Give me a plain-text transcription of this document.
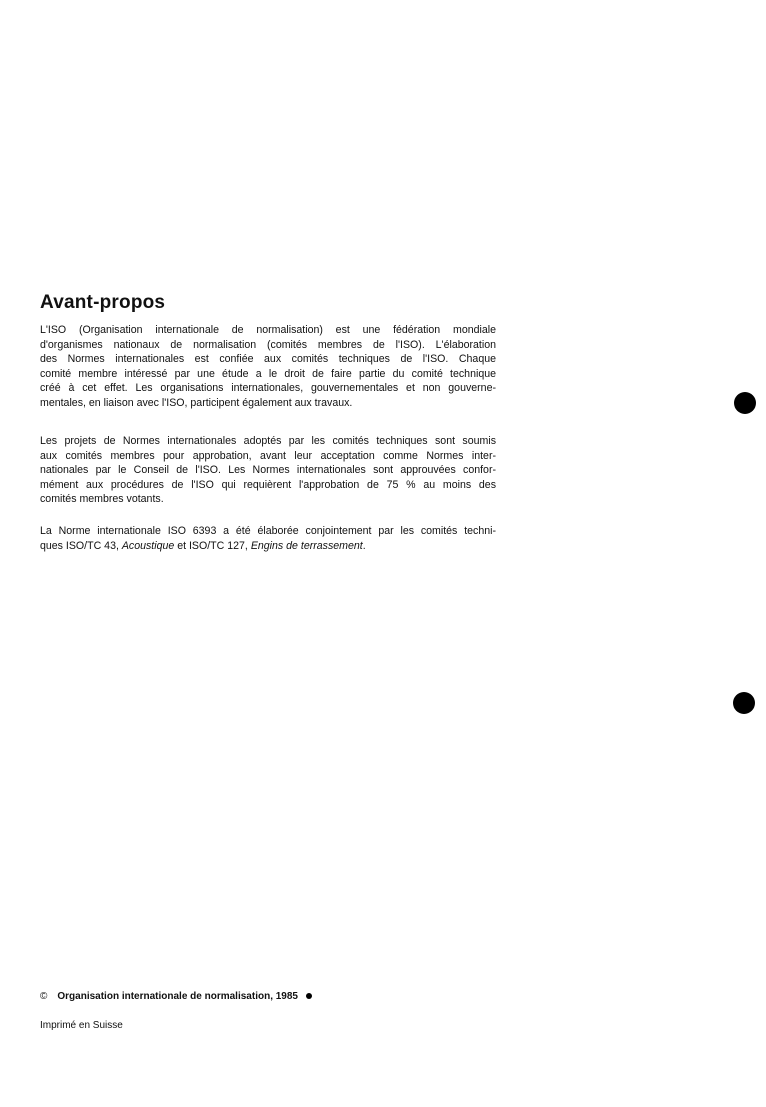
Avant-propos
L'ISO (Organisation internationale de normalisation) est une fédération mondiale
d'organismes nationaux de normalisation (comités membres de l'ISO). L'élaboration
des Normes internationales est confiée aux comités techniques de l'ISO. Chaque
comité membre intéressé par une étude a le droit de faire partie du comité technique
créé à cet effet. Les organisations internationales, gouvernementales et non gouverne-
mentales, en liaison avec l'ISO, participent également aux travaux.
Les projets de Normes internationales adoptés par les comités techniques sont soumis
aux comités membres pour approbation, avant leur acceptation comme Normes inter-
nationales par le Conseil de l'ISO. Les Normes internationales sont approuvées confor-
mément aux procédures de l'ISO qui requièrent l'approbation de 75 % au moins des
comités membres votants.
La Norme internationale ISO 6393 a été élaborée conjointement par les comités techni-
ques ISO/TC 43, Acoustique et ISO/TC 127, Engins de terrassement.
© Organisation internationale de normalisation, 1985
Imprimé en Suisse
